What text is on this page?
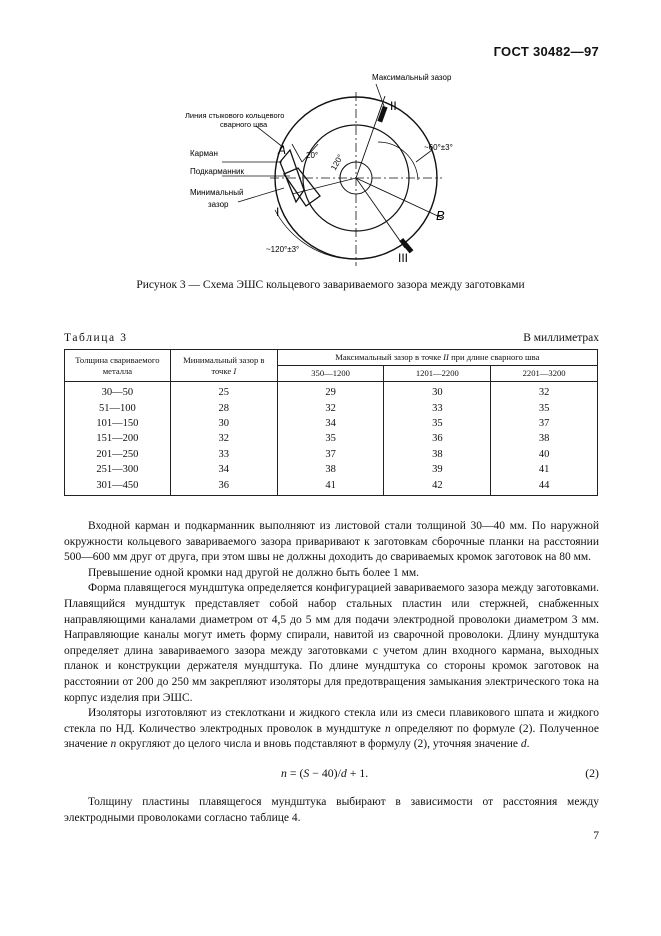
ГОСТ 30482—97
Максимальный зазор
Линия стыкового кольцевого
сварного шва
Карман
Подкарманник
Минимальный
зазор
А
I
II
III
В
20° 120°
~60°±3°
~120°±3°
Рисунок 3 — Схема ЭШС кольцевого завариваемого зазора между заготовками
Таблица 3	В миллиметрах
Толщина свариваемого металла	Минимальный зазор в точке I	Максимальный зазор в точке II при длине сварного шва		
		350—1200	1201—2200	2201—3200
30—50	25	29	30	32
51—100	28	32	33	35
101—150	30	34	35	37
151—200	32	35	36	38
201—250	33	37	38	40
251—300	34	38	39	41
301—450	36	41	42	44

Входной карман и подкарманник выполняют из листовой стали толщиной 30—40 мм. По наружной окружности кольцевого завариваемого зазора приваривают к заготовкам сборочные планки на расстоянии 500—600 мм друг от друга, при этом швы не должны доходить до свариваемых кромок заготовок на 80 мм.

Превышение одной кромки над другой не должно быть более 1 мм.

Форма плавящегося мундштука определяется конфигурацией завариваемого зазора между заготовками. Плавящийся мундштук представляет собой набор стальных пластин или стержней, снабженных направляющими каналами диаметром от 4,5 до 5 мм для подачи электродной проволоки диаметром 3 мм. Направляющие каналы могут иметь форму спирали, навитой из сварочной проволоки. Длину мундштука определяет длина завариваемого зазора между заготовками с учетом длин входного кармана, выходных планок и конструкции держателя мундштука. По длине мундштука со стороны кромок заготовок на расстоянии от 200 до 250 мм закрепляют изоляторы для предотвращения замыкания электрического тока на корпус изделия при ЭШС.

Изоляторы изготовляют из стеклоткани и жидкого стекла или из смеси плавикового шпата и жидкого стекла по НД. Количество электродных проволок в мундштуке n определяют по формуле (2). Полученное значение n округляют до целого числа и вновь подставляют в формулу (2), уточняя значение d.

n = (S − 40)/d + 1.	(2)

Толщину пластины плавящегося мундштука выбирают в зависимости от расстояния между электродными проволоками согласно таблице 4.

7
